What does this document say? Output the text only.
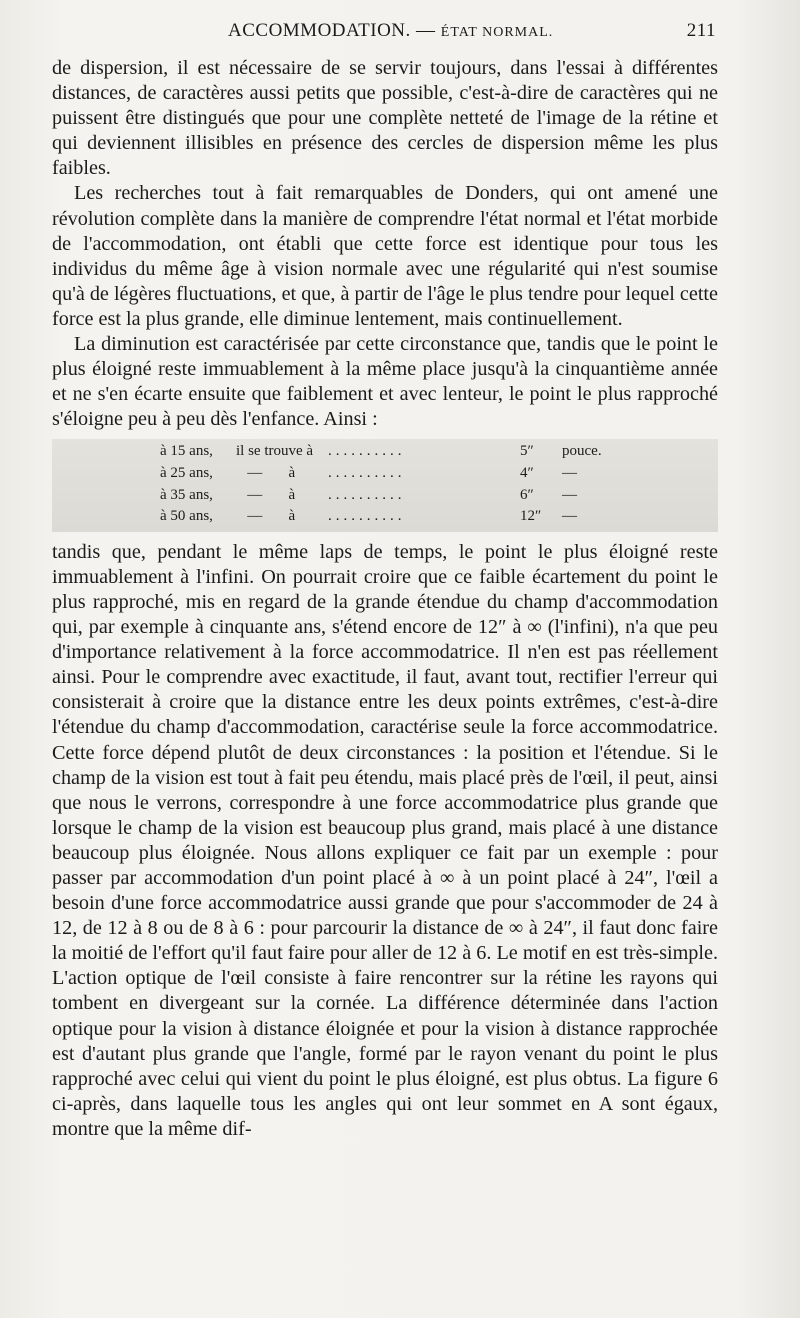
ACCOMMODATION. — ÉTAT NORMAL.	211

de dispersion, il est nécessaire de se servir toujours, dans l'essai à différentes distances, de caractères aussi petits que possible, c'est-à-dire de caractères qui ne puissent être distingués que pour une complète netteté de l'image de la rétine et qui deviennent illisibles en présence des cercles de dispersion même les plus faibles.

Les recherches tout à fait remarquables de Donders, qui ont amené une révolution complète dans la manière de comprendre l'état normal et l'état morbide de l'accommodation, ont établi que cette force est identique pour tous les individus du même âge à vision normale avec une régularité qui n'est soumise qu'à de légères fluctuations, et que, à partir de l'âge le plus tendre pour lequel cette force est la plus grande, elle diminue lentement, mais continuellement.

La diminution est caractérisée par cette circonstance que, tandis que le point le plus éloigné reste immuablement à la même place jusqu'à la cinquantième année et ne s'en écarte ensuite que faiblement et avec lenteur, le point le plus rapproché s'éloigne peu à peu dès l'enfance. Ainsi :

à 15 ans, il se trouve à ..........	5″ pouce.
à 25 ans, —       à ..........	4″ —
à 35 ans, —       à ..........	6″ —
à 50 ans, —       à ..........	12″ —

tandis que, pendant le même laps de temps, le point le plus éloigné reste immuablement à l'infini. On pourrait croire que ce faible écartement du point le plus rapproché, mis en regard de la grande étendue du champ d'accommodation qui, par exemple à cinquante ans, s'étend encore de 12″ à ∞ (l'infini), n'a que peu d'importance relativement à la force accommodatrice. Il n'en est pas réellement ainsi. Pour le comprendre avec exactitude, il faut, avant tout, rectifier l'erreur qui consisterait à croire que la distance entre les deux points extrêmes, c'est-à-dire l'étendue du champ d'accommodation, caractérise seule la force accommodatrice. Cette force dépend plutôt de deux circonstances : la position et l'étendue. Si le champ de la vision est tout à fait peu étendu, mais placé près de l'œil, il peut, ainsi que nous le verrons, correspondre à une force accommodatrice plus grande que lorsque le champ de la vision est beaucoup plus grand, mais placé à une distance beaucoup plus éloignée. Nous allons expliquer ce fait par un exemple : pour passer par accommodation d'un point placé à ∞ à un point placé à 24″, l'œil a besoin d'une force accommodatrice aussi grande que pour s'accommoder de 24 à 12, de 12 à 8 ou de 8 à 6 : pour parcourir la distance de ∞ à 24″, il faut donc faire la moitié de l'effort qu'il faut faire pour aller de 12 à 6. Le motif en est très-simple. L'action optique de l'œil consiste à faire rencontrer sur la rétine les rayons qui tombent en divergeant sur la cornée. La différence déterminée dans l'action optique pour la vision à distance éloignée et pour la vision à distance rapprochée est d'autant plus grande que l'angle, formé par le rayon venant du point le plus rapproché avec celui qui vient du point le plus éloigné, est plus obtus. La figure 6 ci-après, dans laquelle tous les angles qui ont leur sommet en A sont égaux, montre que la même dif-
